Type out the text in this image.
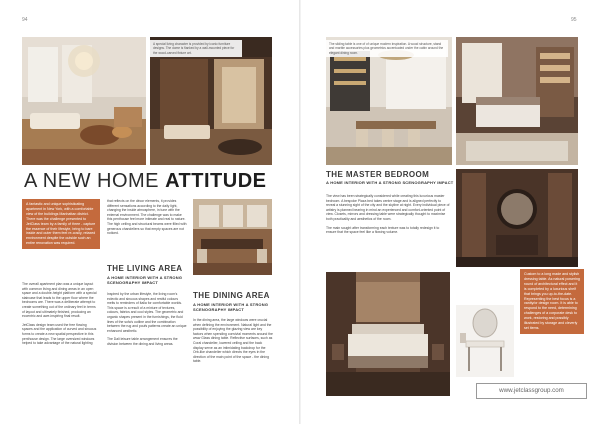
94

A special living character is provided by iconic furniture designs. The dome is flanked by a wall-mounted piece for the wood-carved fixture art.

A NEW HOME ATTITUDE

A fantastic and unique sophisticating apartment in New York, with a comfortable view of the buildings Manhattan district. There was the challenge presented to JetClass team by a family of three - capture the essence of their lifestyle, bring to bare inside and outer them feel re-cosily, relaxed environment despite the outside such an entire renovation was required.

The overall apartment plan was a unique layout with common living and dining areas in an open space and a double-height platform with a special staircase that leads to the upper floor where the bedrooms are. There was a deliberate attempt to create something out of the ordinary feel in terms of layout and ultimately finished, producing an eccentric and awe-inspiring final result.

JetClass design team used the free flowing spaces and the application of curved and sinuous forms to create a new spatial perspective in this penthouse design. The large oversized windows helped to take advantage of the natural lighting

that reflects on the décor elements, it provides different sensations according to the daily light, changing the inside atmosphere, in tune with the external environment. The challenge was to make this penthouse feel more intimate and real to nature. The high ceiling and structural beams were filled with generous chandeliers so that empty spaces are not noticed.

THE LIVING AREA

A HOME INTERIOR WITH A STRONG SCENOGRAPHY IMPACT

Inspired by the urban lifestyle, the living room's eclectic and sinuous shapes and restful colours melts to reminders of Italia for comfortable worlds. This space is a result of a mixture of textures, colours, fabrics and cool styles. The geometric and organic shapes present in the furnishings, the fluid lines of the sofa's outline and the combination between the rug and poufs patterns create an unique enhanced aesthetic.

The Dali leisure table arrangement ensures the division between the dining and living areas.

THE DINING AREA

A HOME INTERIOR WITH A STRONG SCENOGRAPHY IMPACT

In the dining area, the large windows were crucial when defining the environment. Natural light and the possibility of enjoying the glazing view are key factors when spending convivial moments around the www Glass dining table. Reflective surfaces, such as Coral chandelier, lowered ceiling and the back display serve as an intimidating backdrop for the Orb-like chandelier which directs the eyes in the direction of the main point of the space - the dining table.

95

The sliding table is one of of unique modern inspiration. A wood structure, stand and marble accessories plus geometrics accentuated under the cabin around the elegant dining room.

THE MASTER BEDROOM

A HOME INTERIOR WITH A STRONG SCENOGRAPHY IMPACT

The view has been strategically considered while creating this luxurious master bedroom. A bespoke Plaza bed takes centre stage and is aligned perfectly to reveal a stunning sight of the city and the skyline at night. Every individual piece of artistry is planned bearing in mind an experienced and comfort-oriented point of view. Closets, mirrors and dressing table were strategically thought to maximise both practicality and aesthetics of the room.

The main sought after transforming each texture was to totally redesign it to ensure that the space feel like a flowing volume.

Custom to a long made and stylish dressing table. As natural powering round of architectural effect and it is completed by a luxurious shelf that brings you up-to-the-date. Representing the best focus is a vanity/or design room. It is able to respond to the need, determining challenges of a corporate desk to work, restoring and possibly illustrated by storage and cleverly set items.

www.jetclassgroup.com
